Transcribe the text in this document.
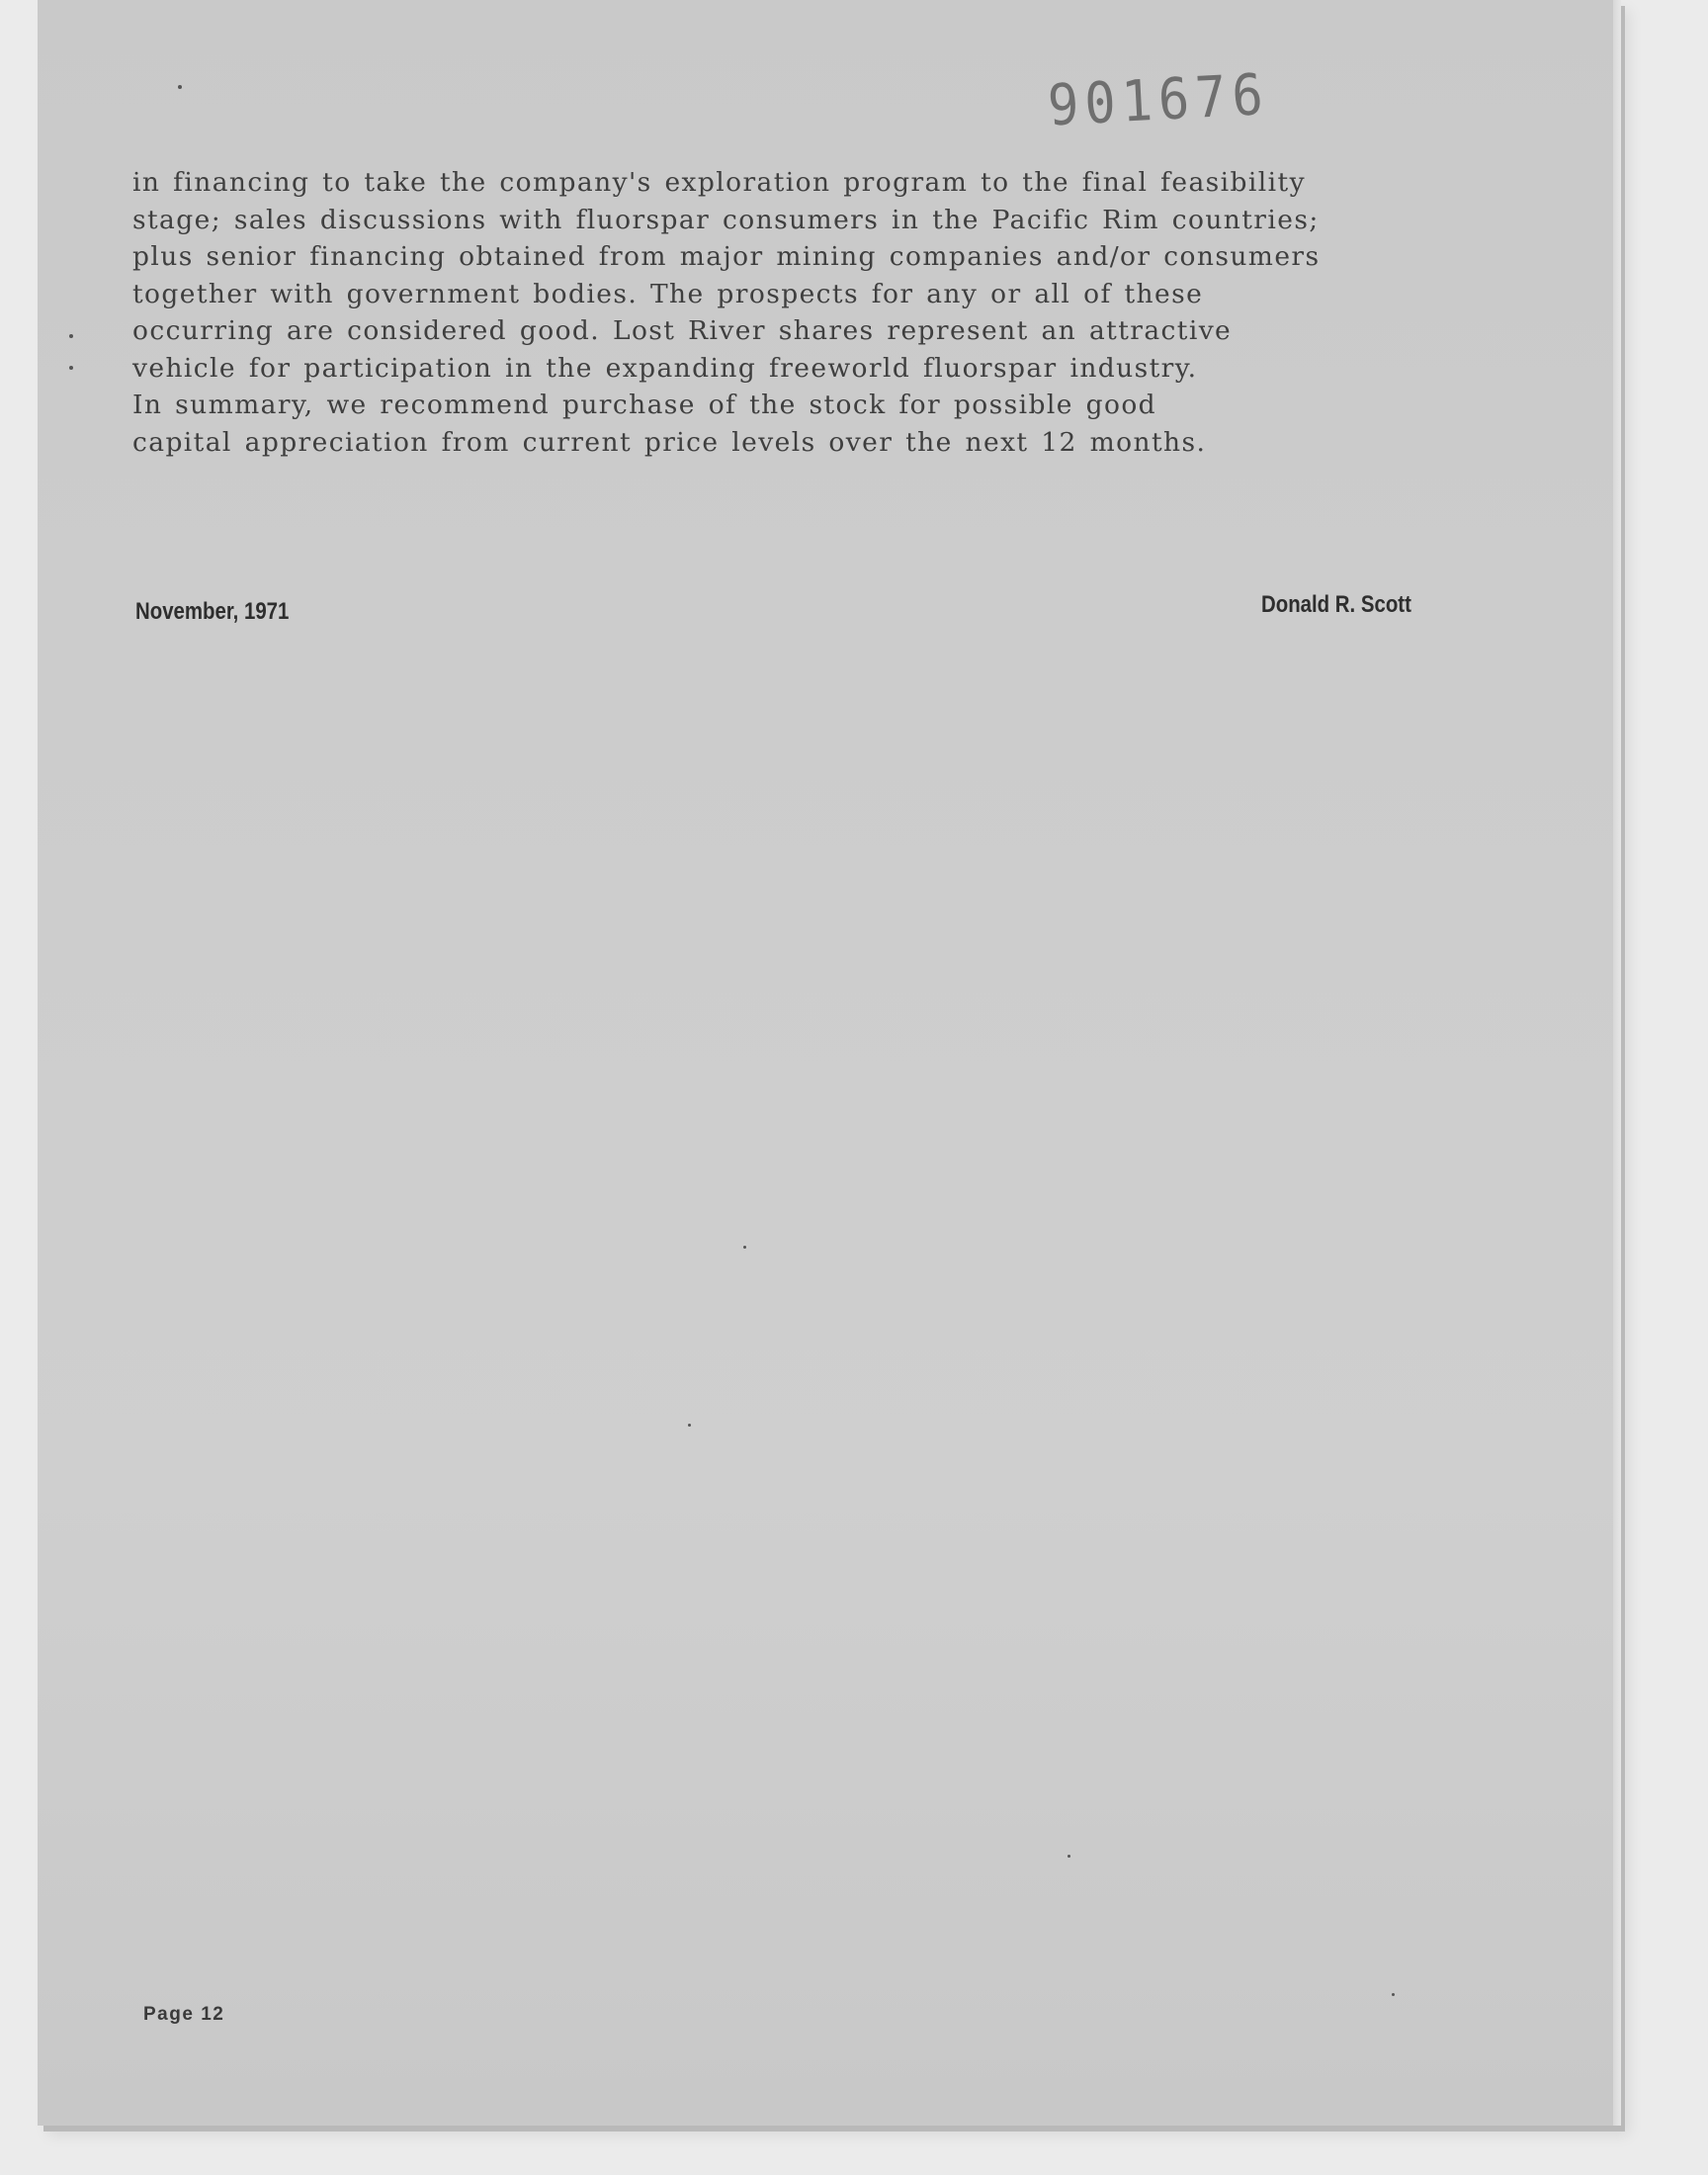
901676
in financing to take the company's exploration program to the final feasibility
stage; sales discussions with fluorspar consumers in the Pacific Rim countries;
plus senior financing obtained from major mining companies and/or consumers
together with government bodies. The prospects for any or all of these
occurring are considered good. Lost River shares represent an attractive
vehicle for participation in the expanding freeworld fluorspar industry.
In summary, we recommend purchase of the stock for possible good
capital appreciation from current price levels over the next 12 months.
November, 1971	Donald R. Scott
Page 12
